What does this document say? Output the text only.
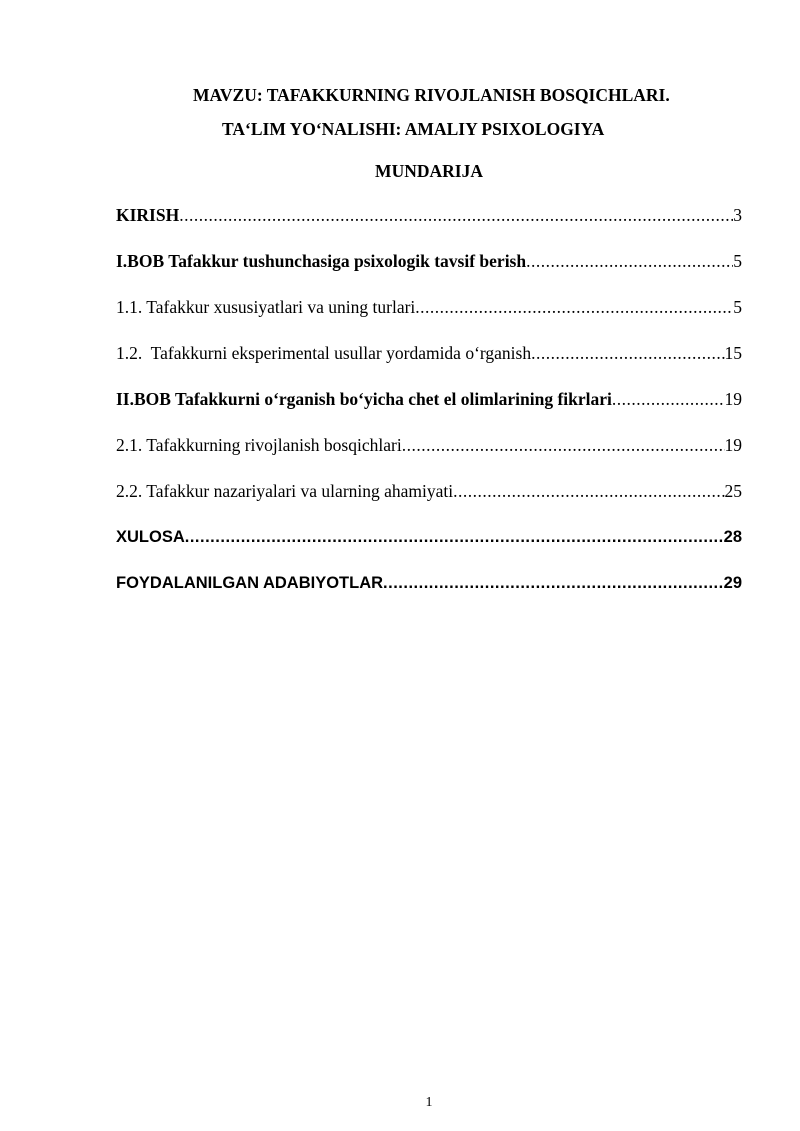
MAVZU: TAFAKKURNING RIVOJLANISH BOSQICHLARI.
TA‘LIM YO‘NALISHI: AMALIY PSIXOLOGIYA
MUNDARIJA
KIRISH .....	3
I.BOB Tafakkur tushunchasiga psixologik tavsif berish .....	5
1.1. Tafakkur xususiyatlari va uning turlari .....	5
1.2.  Tafakkurni eksperimental usullar yordamida o‘rganish .....	15
II.BOB Tafakkurni o‘rganish bo‘yicha chet el olimlarining fikrlari .....	19
2.1. Tafakkurning rivojlanish bosqichlari .....	19
2.2. Tafakkur nazariyalari va ularning ahamiyati .....	25
XULOSA .....	28
FOYDALANILGAN ADABIYOTLAR .....	29
1
